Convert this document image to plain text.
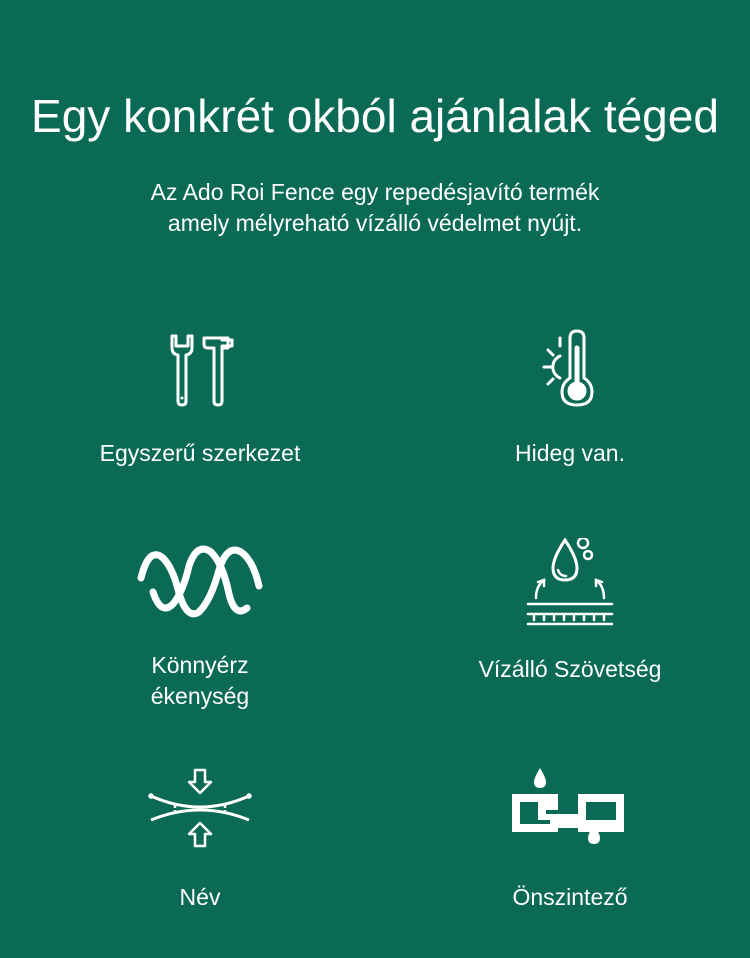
Egy konkrét okból ajánlalak téged
Az Ado Roi Fence egy repedésjavító termék
amely mélyreható vízálló védelmet nyújt.
Egyszerű szerkezet	Hideg van.
Könnyérz
ékenység
Vízálló Szövetség
Név	Önszintező
